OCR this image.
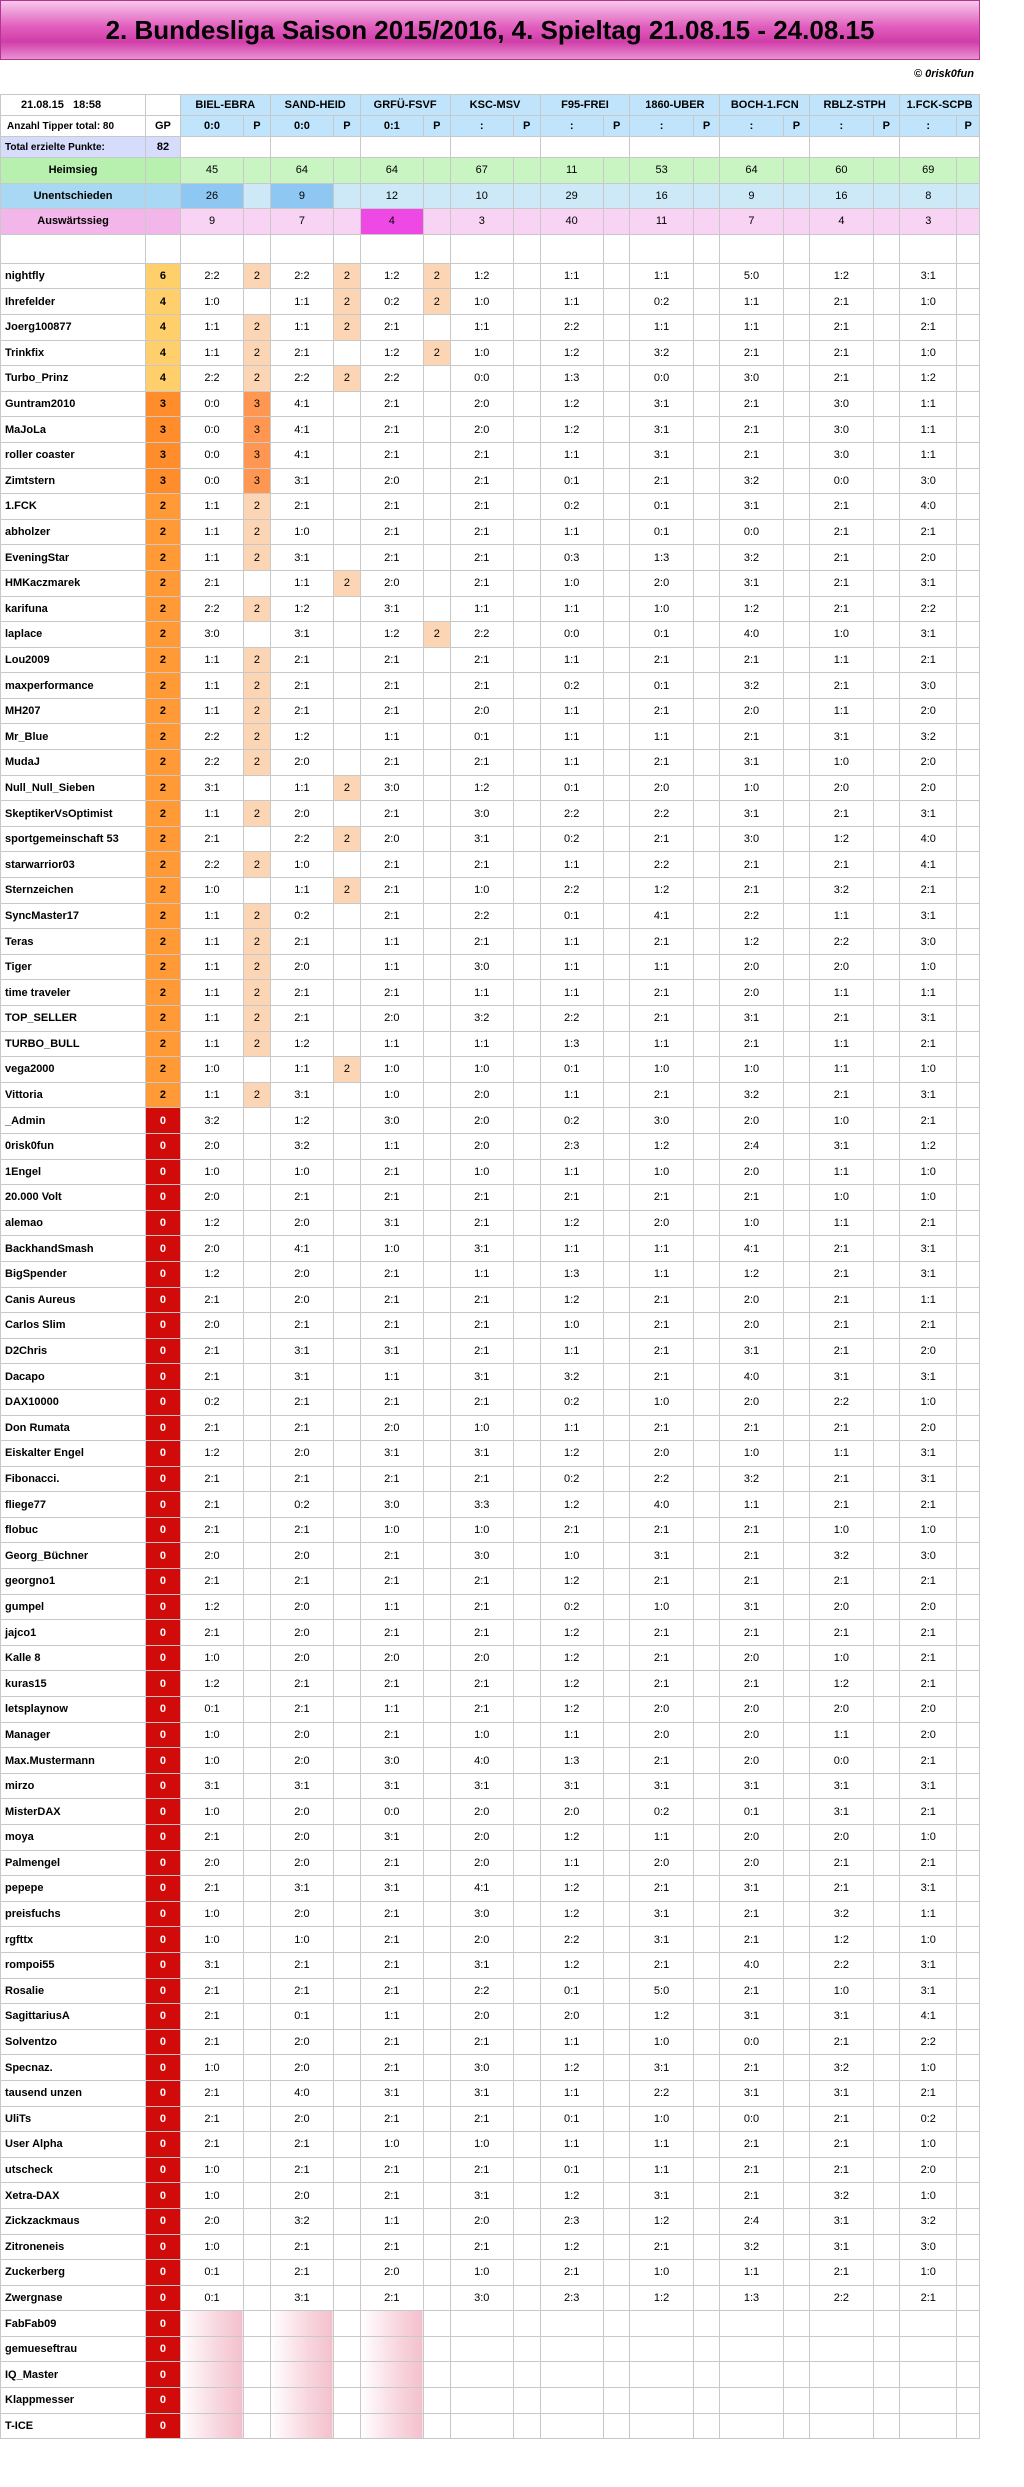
2. Bundesliga Saison 2015/2016, 4. Spieltag 21.08.15 - 24.08.15
© 0risk0fun
21.08.15 18:58		BIEL-EBRA		SAND-HEID		GRFÜ-FSVF		KSC-MSV		F95-FREI		1860-UBER		BOCH-1.FCN		RBLZ-STPH		1.FCK-SCPB	
Anzahl Tipper total: 80	GP	0:0	P	0:0	P	0:1	P	:	P	:	P	:	P	:	P	:	P	:	P
Total erzielte Punkte:	82																		
Heimsieg		45		64		64		67		11		53		64		60		69	
Unentschieden		26		9		12		10		29		16		9		16		8	
Auswärtssieg		9		7		4		3		40		11		7		4		3	

nightfly	6	2:2	2	2:2	2	1:2	2	1:2		1:1		1:1		5:0		1:2		3:1	
Ihrefelder	4	1:0		1:1	2	0:2	2	1:0		1:1		0:2		1:1		2:1		1:0	
Joerg100877	4	1:1	2	1:1	2	2:1		1:1		2:2		1:1		1:1		2:1		2:1	
Trinkfix	4	1:1	2	2:1		1:2	2	1:0		1:2		3:2		2:1		2:1		1:0	
Turbo_Prinz	4	2:2	2	2:2	2	2:2		0:0		1:3		0:0		3:0		2:1		1:2	
Guntram2010	3	0:0	3	4:1		2:1		2:0		1:2		3:1		2:1		3:0		1:1	
MaJoLa	3	0:0	3	4:1		2:1		2:0		1:2		3:1		2:1		3:0		1:1	
roller coaster	3	0:0	3	4:1		2:1		2:1		1:1		3:1		2:1		3:0		1:1	
Zimtstern	3	0:0	3	3:1		2:0		2:1		0:1		2:1		3:2		0:0		3:0	
1.FCK	2	1:1	2	2:1		2:1		2:1		0:2		0:1		3:1		2:1		4:0	
abholzer	2	1:1	2	1:0		2:1		2:1		1:1		0:1		0:0		2:1		2:1	
EveningStar	2	1:1	2	3:1		2:1		2:1		0:3		1:3		3:2		2:1		2:0	
HMKaczmarek	2	2:1		1:1	2	2:0		2:1		1:0		2:0		3:1		2:1		3:1	
karifuna	2	2:2	2	1:2		3:1		1:1		1:1		1:0		1:2		2:1		2:2	
laplace	2	3:0		3:1		1:2	2	2:2		0:0		0:1		4:0		1:0		3:1	
Lou2009	2	1:1	2	2:1		2:1		2:1		1:1		2:1		2:1		1:1		2:1	
maxperformance	2	1:1	2	2:1		2:1		2:1		0:2		0:1		3:2		2:1		3:0	
MH207	2	1:1	2	2:1		2:1		2:0		1:1		2:1		2:0		1:1		2:0	
Mr_Blue	2	2:2	2	1:2		1:1		0:1		1:1		1:1		2:1		3:1		3:2	
MudaJ	2	2:2	2	2:0		2:1		2:1		1:1		2:1		3:1		1:0		2:0	
Null_Null_Sieben	2	3:1		1:1	2	3:0		1:2		0:1		2:0		1:0		2:0		2:0	
SkeptikerVsOptimist	2	1:1	2	2:0		2:1		3:0		2:2		2:2		3:1		2:1		3:1	
sportgemeinschaft 53	2	2:1		2:2	2	2:0		3:1		0:2		2:1		3:0		1:2		4:0	
starwarrior03	2	2:2	2	1:0		2:1		2:1		1:1		2:2		2:1		2:1		4:1	
Sternzeichen	2	1:0		1:1	2	2:1		1:0		2:2		1:2		2:1		3:2		2:1	
SyncMaster17	2	1:1	2	0:2		2:1		2:2		0:1		4:1		2:2		1:1		3:1	
Teras	2	1:1	2	2:1		1:1		2:1		1:1		2:1		1:2		2:2		3:0	
Tiger	2	1:1	2	2:0		1:1		3:0		1:1		1:1		2:0		2:0		1:0	
time traveler	2	1:1	2	2:1		2:1		1:1		1:1		2:1		2:0		1:1		1:1	
TOP_SELLER	2	1:1	2	2:1		2:0		3:2		2:2		2:1		3:1		2:1		3:1	
TURBO_BULL	2	1:1	2	1:2		1:1		1:1		1:3		1:1		2:1		1:1		2:1	
vega2000	2	1:0		1:1	2	1:0		1:0		0:1		1:0		1:0		1:1		1:0	
Vittoria	2	1:1	2	3:1		1:0		2:0		1:1		2:1		3:2		2:1		3:1	
_Admin	0	3:2		1:2		3:0		2:0		0:2		3:0		2:0		1:0		2:1	
0risk0fun	0	2:0		3:2		1:1		2:0		2:3		1:2		2:4		3:1		1:2	
1Engel	0	1:0		1:0		2:1		1:0		1:1		1:0		2:0		1:1		1:0	
20.000 Volt	0	2:0		2:1		2:1		2:1		2:1		2:1		2:1		1:0		1:0	
alemao	0	1:2		2:0		3:1		2:1		1:2		2:0		1:0		1:1		2:1	
BackhandSmash	0	2:0		4:1		1:0		3:1		1:1		1:1		4:1		2:1		3:1	
BigSpender	0	1:2		2:0		2:1		1:1		1:3		1:1		1:2		2:1		3:1	
Canis Aureus	0	2:1		2:0		2:1		2:1		1:2		2:1		2:0		2:1		1:1	
Carlos Slim	0	2:0		2:1		2:1		2:1		1:0		2:1		2:0		2:1		2:1	
D2Chris	0	2:1		3:1		3:1		2:1		1:1		2:1		3:1		2:1		2:0	
Dacapo	0	2:1		3:1		1:1		3:1		3:2		2:1		4:0		3:1		3:1	
DAX10000	0	0:2		2:1		2:1		2:1		0:2		1:0		2:0		2:2		1:0	
Don Rumata	0	2:1		2:1		2:0		1:0		1:1		2:1		2:1		2:1		2:0	
Eiskalter Engel	0	1:2		2:0		3:1		3:1		1:2		2:0		1:0		1:1		3:1	
Fibonacci.	0	2:1		2:1		2:1		2:1		0:2		2:2		3:2		2:1		3:1	
fliege77	0	2:1		0:2		3:0		3:3		1:2		4:0		1:1		2:1		2:1	
flobuc	0	2:1		2:1		1:0		1:0		2:1		2:1		2:1		1:0		1:0	
Georg_Büchner	0	2:0		2:0		2:1		3:0		1:0		3:1		2:1		3:2		3:0	
georgno1	0	2:1		2:1		2:1		2:1		1:2		2:1		2:1		2:1		2:1	
gumpel	0	1:2		2:0		1:1		2:1		0:2		1:0		3:1		2:0		2:0	
jajco1	0	2:1		2:0		2:1		2:1		1:2		2:1		2:1		2:1		2:1	
Kalle 8	0	1:0		2:0		2:0		2:0		1:2		2:1		2:0		1:0		2:1	
kuras15	0	1:2		2:1		2:1		2:1		1:2		2:1		2:1		1:2		2:1	
letsplaynow	0	0:1		2:1		1:1		2:1		1:2		2:0		2:0		2:0		2:0	
Manager	0	1:0		2:0		2:1		1:0		1:1		2:0		2:0		1:1		2:0	
Max.Mustermann	0	1:0		2:0		3:0		4:0		1:3		2:1		2:0		0:0		2:1	
mirzo	0	3:1		3:1		3:1		3:1		3:1		3:1		3:1		3:1		3:1	
MisterDAX	0	1:0		2:0		0:0		2:0		2:0		0:2		0:1		3:1		2:1	
moya	0	2:1		2:0		3:1		2:0		1:2		1:1		2:0		2:0		1:0	
Palmengel	0	2:0		2:0		2:1		2:0		1:1		2:0		2:0		2:1		2:1	
pepepe	0	2:1		3:1		3:1		4:1		1:2		2:1		3:1		2:1		3:1	
preisfuchs	0	1:0		2:0		2:1		3:0		1:2		3:1		2:1		3:2		1:1	
rgfttx	0	1:0		1:0		2:1		2:0		2:2		3:1		2:1		1:2		1:0	
rompoi55	0	3:1		2:1		2:1		3:1		1:2		2:1		4:0		2:2		3:1	
Rosalie	0	2:1		2:1		2:1		2:2		0:1		5:0		2:1		1:0		3:1	
SagittariusA	0	2:1		0:1		1:1		2:0		2:0		1:2		3:1		3:1		4:1	
Solventzo	0	2:1		2:0		2:1		2:1		1:1		1:0		0:0		2:1		2:2	
Specnaz.	0	1:0		2:0		2:1		3:0		1:2		3:1		2:1		3:2		1:0	
tausend unzen	0	2:1		4:0		3:1		3:1		1:1		2:2		3:1		3:1		2:1	
UliTs	0	2:1		2:0		2:1		2:1		0:1		1:0		0:0		2:1		0:2	
User Alpha	0	2:1		2:1		1:0		1:0		1:1		1:1		2:1		2:1		1:0	
utscheck	0	1:0		2:1		2:1		2:1		0:1		1:1		2:1		2:1		2:0	
Xetra-DAX	0	1:0		2:0		2:1		3:1		1:2		3:1		2:1		3:2		1:0	
Zickzackmaus	0	2:0		3:2		1:1		2:0		2:3		1:2		2:4		3:1		3:2	
Zitroneneis	0	1:0		2:1		2:1		2:1		1:2		2:1		3:2		3:1		3:0	
Zuckerberg	0	0:1		2:1		2:0		1:0		2:1		1:0		1:1		2:1		1:0	
Zwergnase	0	0:1		3:1		2:1		3:0		2:3		1:2		1:3		2:2		2:1	
FabFab09	0																		
gemueseftrau	0																		
IQ_Master	0																		
Klappmesser	0																		
T-ICE	0																		
